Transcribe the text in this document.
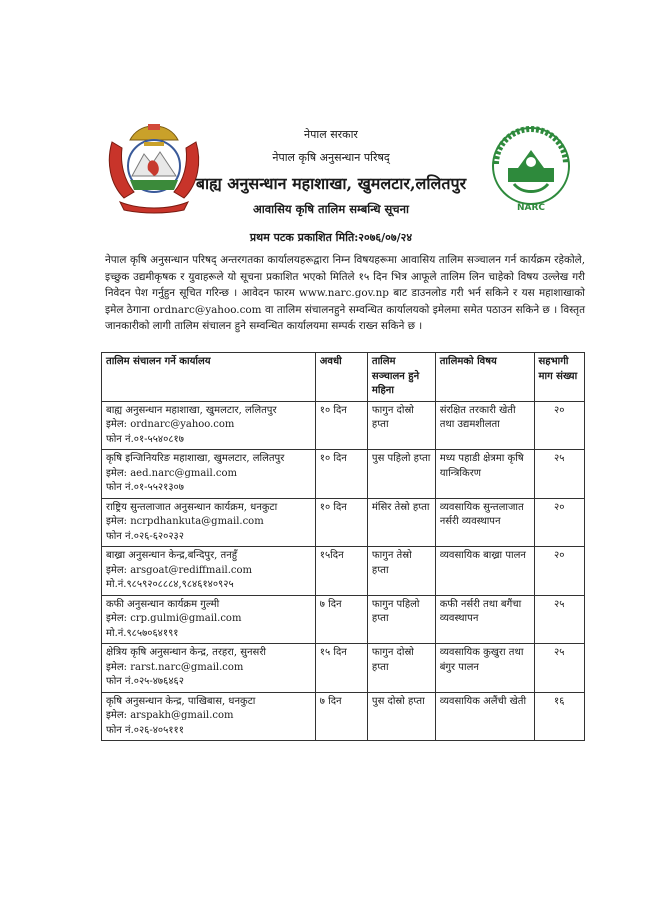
NARC
नेपाल सरकार
नेपाल कृषि अनुसन्धान परिषद्
बाह्य अनुसन्धान महाशाखा, खुमलटार,ललितपुर
आवासिय कृषि तालिम सम्बन्धि सूचना
प्रथम पटक प्रकाशित मिति:२०७६/०७/२४
नेपाल कृषि अनुसन्धान परिषद् अन्तरगतका कार्यालयहरूद्वारा निम्न विषयहरूमा आवासिय तालिम सञ्चालन गर्न कार्यक्रम रहेकोले, इच्छुक उद्यमीकृषक र युवाहरूले यो सूचना प्रकाशित भएको मितिले १५ दिन भित्र आफूले तालिम लिन चाहेको विषय उल्लेख गरी निवेदन पेश गर्नुहुन सूचित गरिन्छ । आवेदन फारम www.narc.gov.np बाट डाउनलोड गरी भर्न सकिने र यस महाशाखाको इमेल ठेगाना ordnarc@yahoo.com वा तालिम संचालनहुने सम्वन्धित कार्यालयको इमेलमा समेत पठाउन सकिने छ । विस्तृत जानकारीको लागी तालिम संचालन हुने सम्वन्धित कार्यालयमा सम्पर्क राख्न सकिने छ ।
तालिम संचालन गर्ने कार्यालय	अवधी	तालिम सञ्चालन हुने महिना	तालिमको विषय	सहभागी माग संख्या

बाह्य अनुसन्धान महाशाखा, खुमलटार, ललितपुर
इमेल: ordnarc@yahoo.com
फोन नं.०१-५५४०८१७	१० दिन	फागुन दोस्रो हप्ता	संरक्षित तरकारी खेती तथा उद्यमशीलता	२०

कृषि इन्जिनियरिङ महाशाखा, खुमलटार, ललितपुर
इमेल: aed.narc@gmail.com
फोन नं.०१-५५२१३०७	१० दिन	पुस पहिलो हप्ता	मध्य पहाडी क्षेत्रमा कृषि यान्त्रिकिरण	२५

राष्ट्रिय सुन्तलाजात अनुसन्धान कार्यक्रम, धनकुटा
इमेल: ncrpdhankuta@gmail.com
फोन नं.०२६-६२०२३२	१० दिन	मंसिर तेस्रो हप्ता	व्यवसायिक सुन्तलाजात नर्सरी व्यवस्थापन	२०

बाख्रा अनुसन्धान केन्द्र,बन्दिपुर, तनहुँ
इमेल: arsgoat@rediffmail.com
मो.नं.९८५९२०८८८४,९८४६१४०९२५	१५दिन	फागुन तेस्रो हप्ता	व्यवसायिक बाख्रा पालन	२०

कफी अनुसन्धान कार्यक्रम गुल्मी
इमेल: crp.gulmi@gmail.com
मो.नं.९८५७०६४१९१	७ दिन	फागुन पहिलो हप्ता	कफी नर्सरी तथा बगैंचा व्यवस्थापन	२५

क्षेत्रिय कृषि अनुसन्धान केन्द्र, तरहरा, सुनसरी
इमेल: rarst.narc@gmail.com
फोन नं.०२५-४७६४६२	१५ दिन	फागुन दोस्रो हप्ता	व्यवसायिक कुखुरा तथा बंगुर पालन	२५

कृषि अनुसन्धान केन्द्र, पाखिबास, धनकुटा
इमेल: arspakh@gmail.com
फोन नं.०२६-४०५१११	७ दिन	पुस दोस्रो हप्ता	व्यवसायिक अलैंची खेती	१६
